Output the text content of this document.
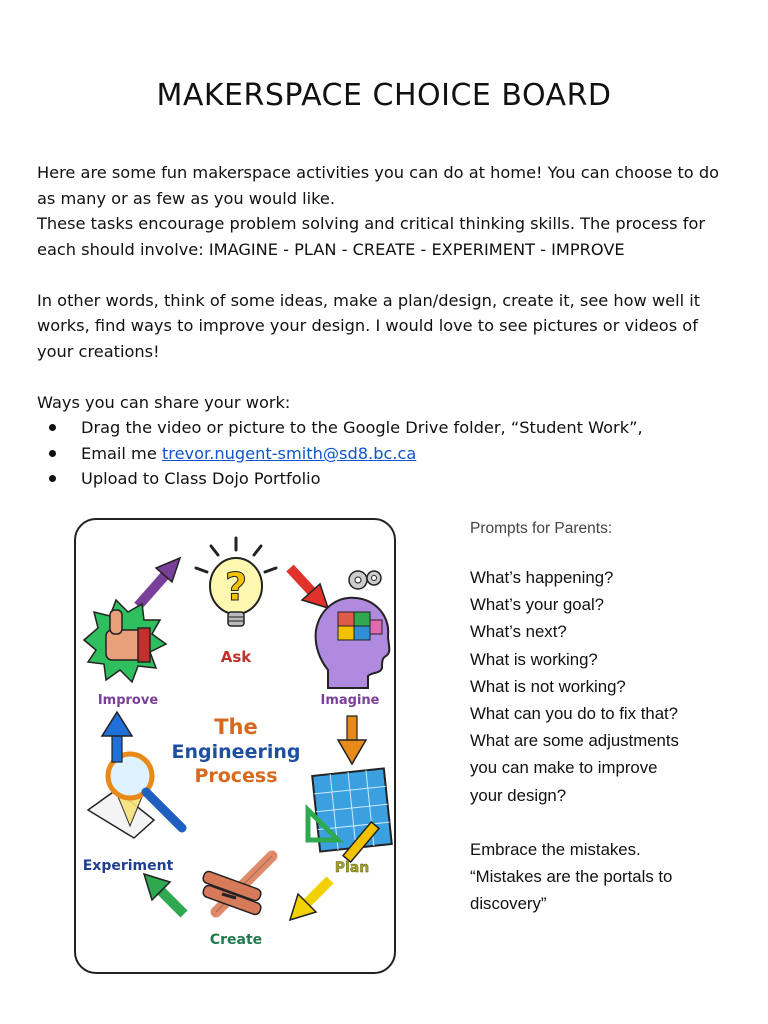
MAKERSPACE CHOICE BOARD

Here are some fun makerspace activities you can do at home! You can choose to do

as many or as few as you would like.

These tasks encourage problem solving and critical thinking skills. The process for

each should involve: IMAGINE - PLAN - CREATE - EXPERIMENT - IMPROVE

In other words, think of some ideas, make a plan/design, create it, see how well it

works, find ways to improve your design. I would love to see pictures or videos of

your creations!

Ways you can share your work:

Drag the video or picture to the Google Drive folder, “Student Work”,
Email me trevor.nugent-smith@sd8.bc.ca
Upload to Class Dojo Portfolio
?
Ask
Imagine
Plan
Create
Experiment
Improve
The
Engineering
Process

Prompts for Parents:

What’s happening?

What’s your goal?

What’s next?

What is working?

What is not working?

What can you do to fix that?

What are some adjustments

you can make to improve

your design?

Embrace the mistakes.

“Mistakes are the portals to

discovery”
